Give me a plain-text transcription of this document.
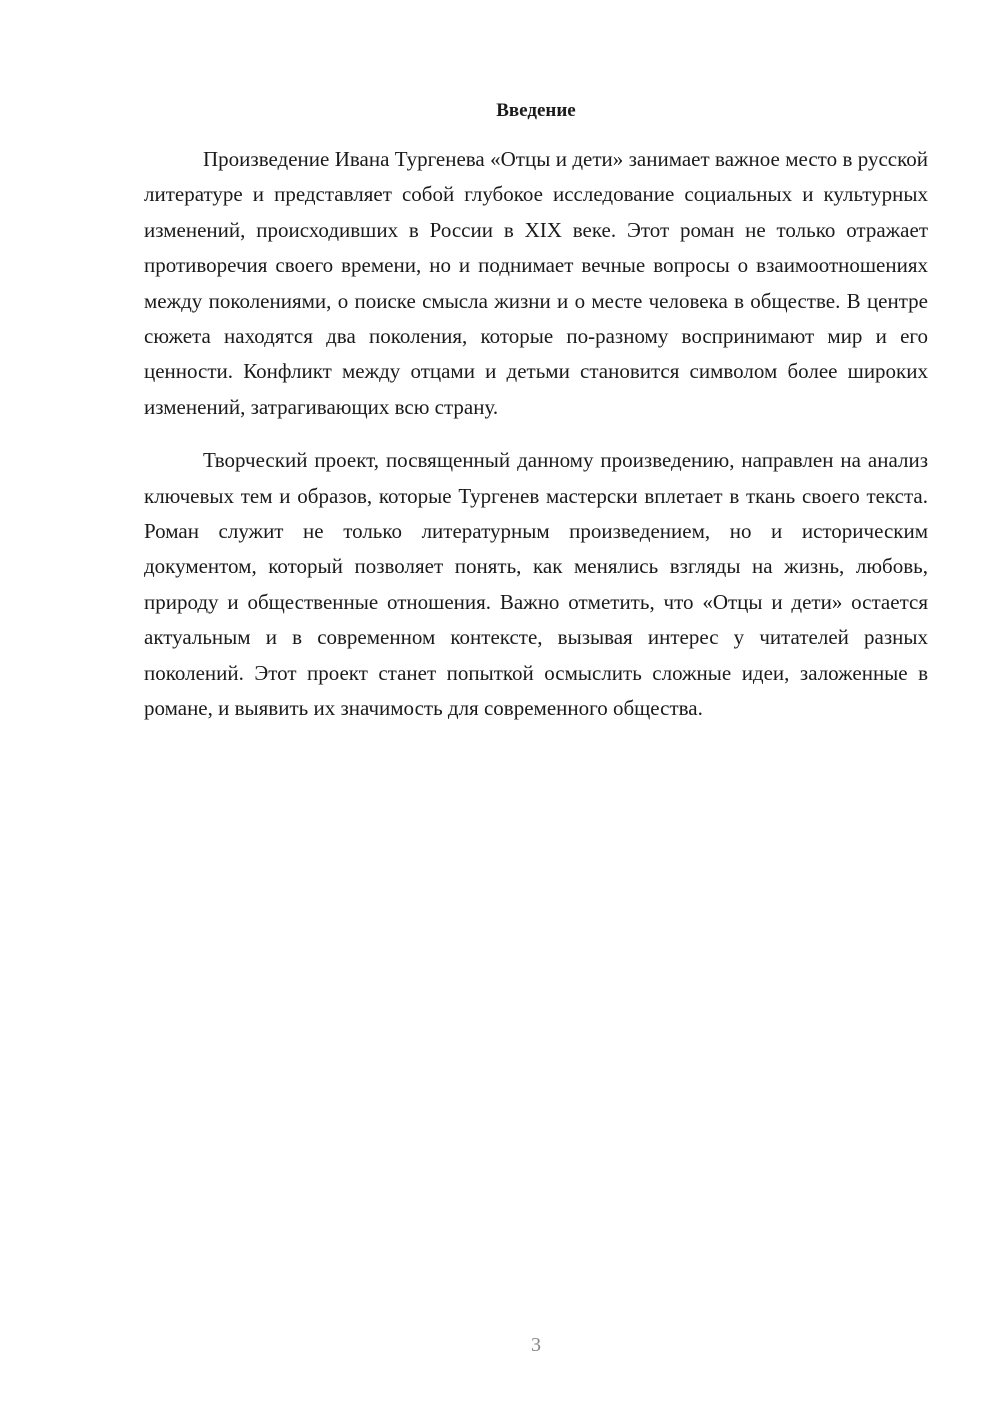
Введение

Произведение Ивана Тургенева «Отцы и дети» занимает важное место в русской литературе и представляет собой глубокое исследование социальных и культурных изменений, происходивших в России в XIX веке. Этот роман не только отражает противоречия своего времени, но и поднимает вечные вопросы о взаимоотношениях между поколениями, о поиске смысла жизни и о месте человека в обществе. В центре сюжета находятся два поколения, которые по-разному воспринимают мир и его ценности. Конфликт между отцами и детьми становится символом более широких изменений, затрагивающих всю страну.

Творческий проект, посвященный данному произведению, направлен на анализ ключевых тем и образов, которые Тургенев мастерски вплетает в ткань своего текста. Роман служит не только литературным произведением, но и историческим документом, который позволяет понять, как менялись взгляды на жизнь, любовь, природу и общественные отношения. Важно отметить, что «Отцы и дети» остается актуальным и в современном контексте, вызывая интерес у читателей разных поколений. Этот проект станет попыткой осмыслить сложные идеи, заложенные в романе, и выявить их значимость для современного общества.

3
